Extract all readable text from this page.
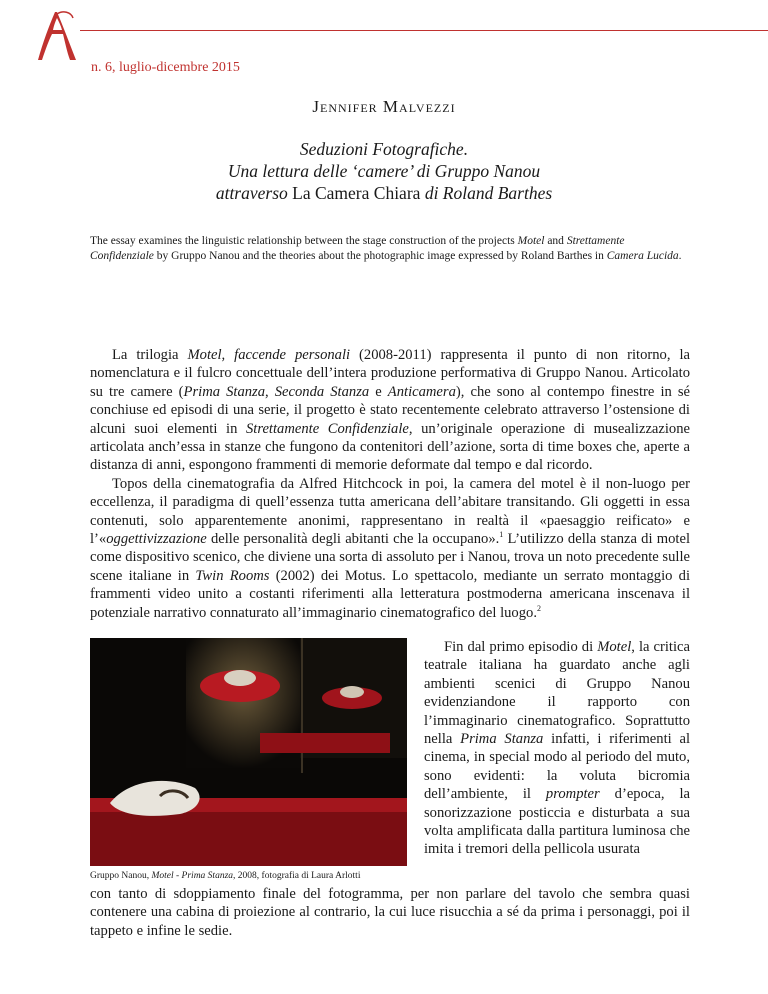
n. 6, luglio-dicembre 2015
Jennifer Malvezzi
Seduzioni Fotografiche.
Una lettura delle ‘camere’ di Gruppo Nanou
attraverso La Camera Chiara di Roland Barthes
The essay examines the linguistic relationship between the stage construction of the projects Motel and Strettamente Confidenziale by Gruppo Nanou and the theories about the photographic image expressed by Roland Barthes in Camera Lucida.
La trilogia Motel, faccende personali (2008-2011) rappresenta il punto di non ritorno, la nomenclatura e il fulcro concettuale dell’intera produzione performativa di Gruppo Nanou. Articolato su tre camere (Prima Stanza, Seconda Stanza e Anticamera), che sono al contempo finestre in sé conchiuse ed episodi di una serie, il progetto è stato recentemente celebrato attraverso l’ostensione di alcuni suoi elementi in Strettamente Confidenziale, un’originale operazione di musealizzazione articolata anch’essa in stanze che fungono da contenitori dell’azione, sorta di time boxes che, aperte a distanza di anni, espongono frammenti di memorie deformate dal tempo e dal ricordo.
Topos della cinematografia da Alfred Hitchcock in poi, la camera del motel è il non-luogo per eccellenza, il paradigma di quell’essenza tutta americana dell’abitare transitando. Gli oggetti in essa contenuti, solo apparentemente anonimi, rappresentano in realtà il «paesaggio reificato» e l’«oggettivizzazione delle personalità degli abitanti che la occupano».$^1$ L’utilizzo della stanza di motel come dispositivo scenico, che diviene una sorta di assoluto per i Nanou, trova un noto precedente sulle scene italiane in Twin Rooms (2002) dei Motus. Lo spettacolo, mediante un serrato montaggio di frammenti video unito a costanti riferimenti alla letteratura postmoderna americana inscenava il potenziale narrativo connaturato all’immaginario cinematografico del luogo.$^2$
Gruppo Nanou, Motel - Prima Stanza, 2008, fotografia di Laura Arlotti
Fin dal primo episodio di Motel, la critica teatrale italiana ha guardato anche agli ambienti scenici di Gruppo Nanou evidenziandone il rapporto con l’immaginario cinematografico. Soprattutto nella Prima Stanza infatti, i riferimenti al cinema, in special modo al periodo del muto, sono evidenti: la voluta bicromia dell’ambiente, il prompter d’epoca, la sonorizzazione posticcia e disturbata a sua volta amplificata dalla partitura luminosa che imita i tremori della pellicola usurata
con tanto di sdoppiamento finale del fotogramma, per non parlare del tavolo che sembra quasi contenere una cabina di proiezione al contrario, la cui luce risucchia a sé da prima i personaggi, poi il tappeto e infine le sedie.
